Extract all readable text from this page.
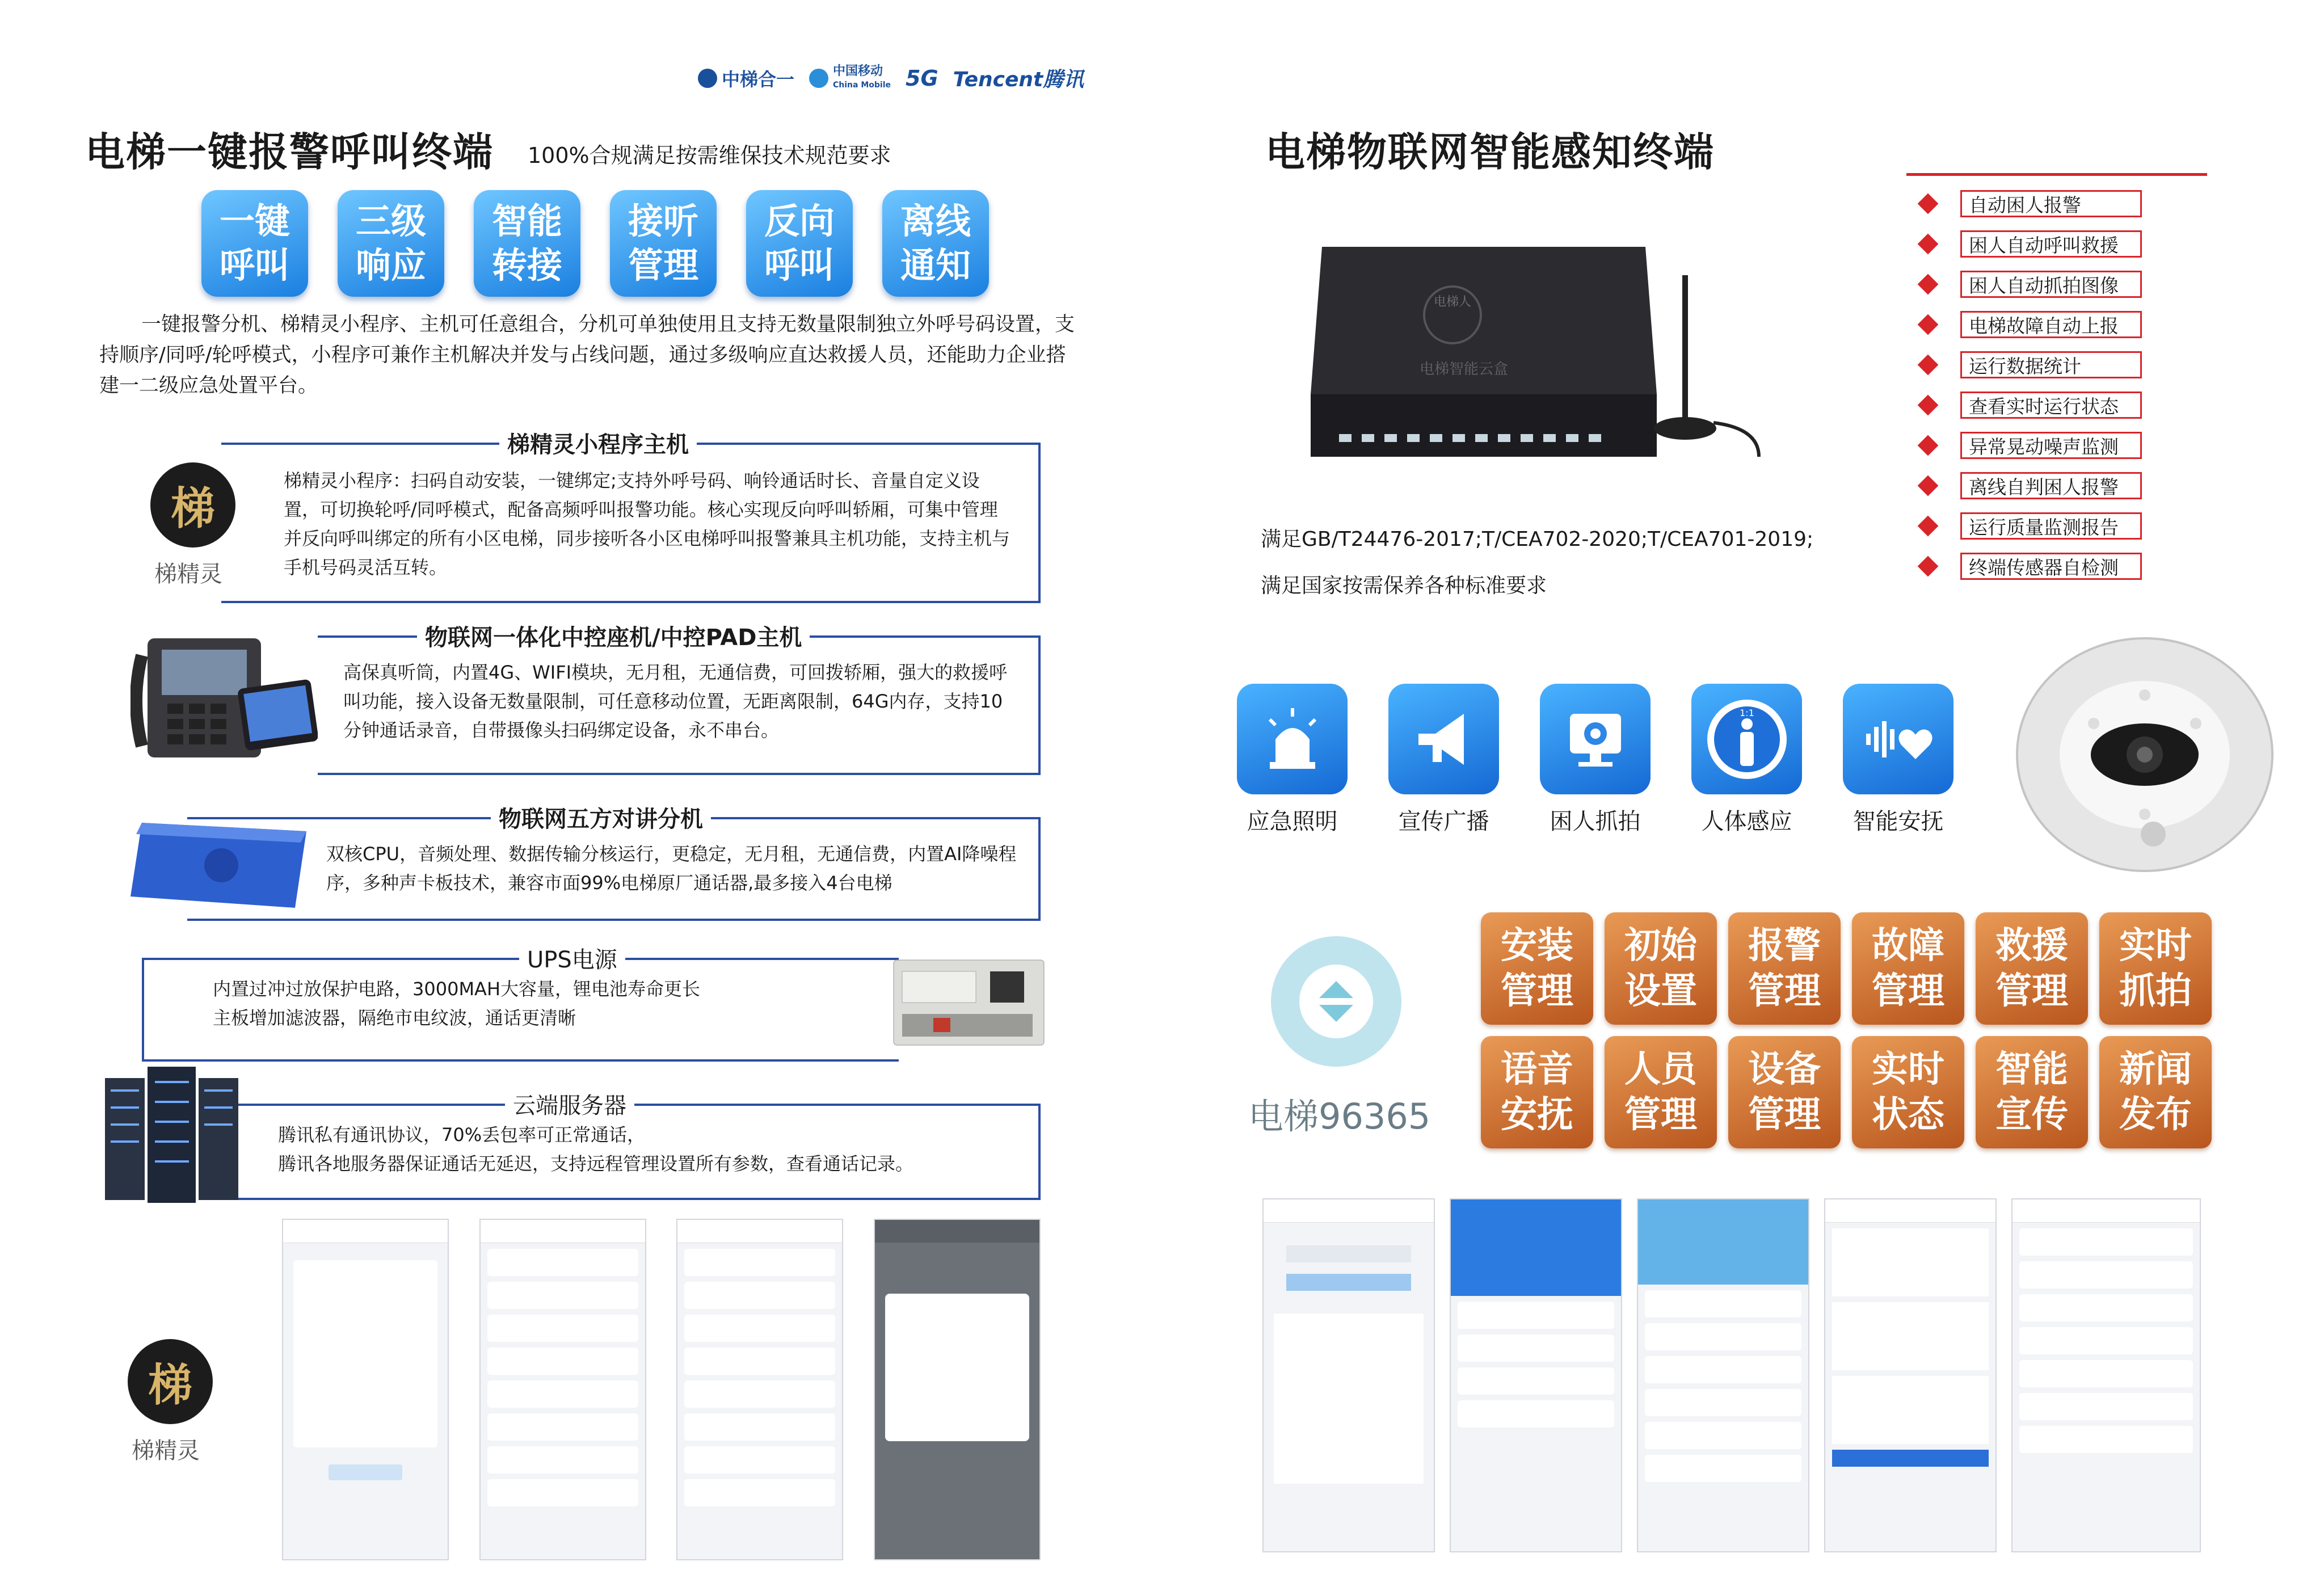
中梯合一	中国移动
China Mobile 5G Tencent腾讯
电梯一键报警呼叫终端 100%合规满足按需维保技术规范要求
一键
呼叫
三级
响应
智能
转接
接听
管理
反向
呼叫
离线
通知
一键报警分机、梯精灵小程序、主机可任意组合，分机可单独使用且支持无数量限制独立外呼号码设置，支持顺序/同呼/轮呼模式，小程序可兼作主机解决并发与占线问题，通过多级响应直达救援人员，还能助力企业搭建一二级应急处置平台。
梯精灵小程序主机
梯精灵小程序：扫码自动安装，一键绑定;支持外呼号码、响铃通话时长、音量自定义设置，可切换轮呼/同呼模式，配备高频呼叫报警功能。核心实现反向呼叫轿厢，可集中管理并反向呼叫绑定的所有小区电梯，同步接听各小区电梯呼叫报警兼具主机功能，支持主机与手机号码灵活互转。
梯
梯精灵
物联网一体化中控座机/中控PAD主机
高保真听筒，内置4G、WIFI模块，无月租，无通信费，可回拨轿厢，强大的救援呼叫功能，接入设备无数量限制，可任意移动位置，无距离限制，64G内存，支持10分钟通话录音，自带摄像头扫码绑定设备，永不串台。
物联网五方对讲分机
双核CPU，音频处理、数据传输分核运行，更稳定，无月租，无通信费，内置AI降噪程序，多种声卡板技术，兼容市面99%电梯原厂通话器,最多接入4台电梯
UPS电源
内置过冲过放保护电路，3000MAH大容量，锂电池寿命更长
主板增加滤波器，隔绝市电纹波，通话更清晰
云端服务器
腾讯私有通讯协议，70%丢包率可正常通话，
腾讯各地服务器保证通话无延迟，支持远程管理设置所有参数，查看通话记录。
梯
梯精灵
电梯物联网智能感知终端
自动困人报警
困人自动呼叫救援
困人自动抓拍图像
电梯故障自动上报
运行数据统计
查看实时运行状态
异常晃动噪声监测
离线自判困人报警
运行质量监测报告
终端传感器自检测
电梯人
电梯智能云盒
满足GB/T24476-2017;T/CEA702-2020;T/CEA701-2019;
满足国家按需保养各种标准要求
应急照明	宣传广播	困人抓拍
1:1
人体感应	智能安抚
电梯96365
安装
管理
初始
设置
报警
管理
故障
管理
救援
管理
实时
抓拍
语音
安抚
人员
管理
设备
管理
实时
状态
智能
宣传
新闻
发布
